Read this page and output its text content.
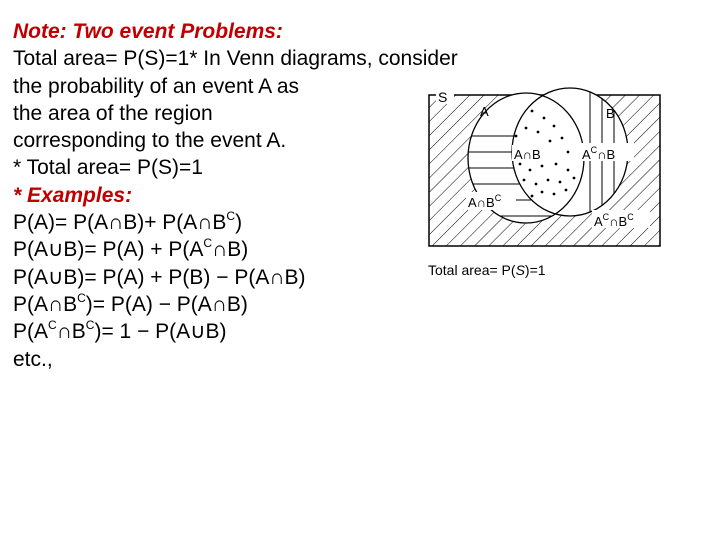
Note: Two event Problems:
Total area= P(S)=1* In Venn diagrams, consider
the probability of an event A as
the area of the region
corresponding to the event A.
* Total area= P(S)=1
* Examples:
P(A)= P(A∩B)+ $P(A\cap B^C)$
P(A∪B)= $P(A) + P(A^C\cap B)$
P(A∪B)= P(A) + P(B) − P(A∩B)
$P(A\cap B^C)= P(A)$ − P(A∩B)
$P(A^C\cap B^C)= 1$ − P(A∪B)
etc.,
S
A	B
A∩B	$A^C\cap B$
$A\cap B^C$
$A^C\cap B^C$
Total area= P(S)=1
